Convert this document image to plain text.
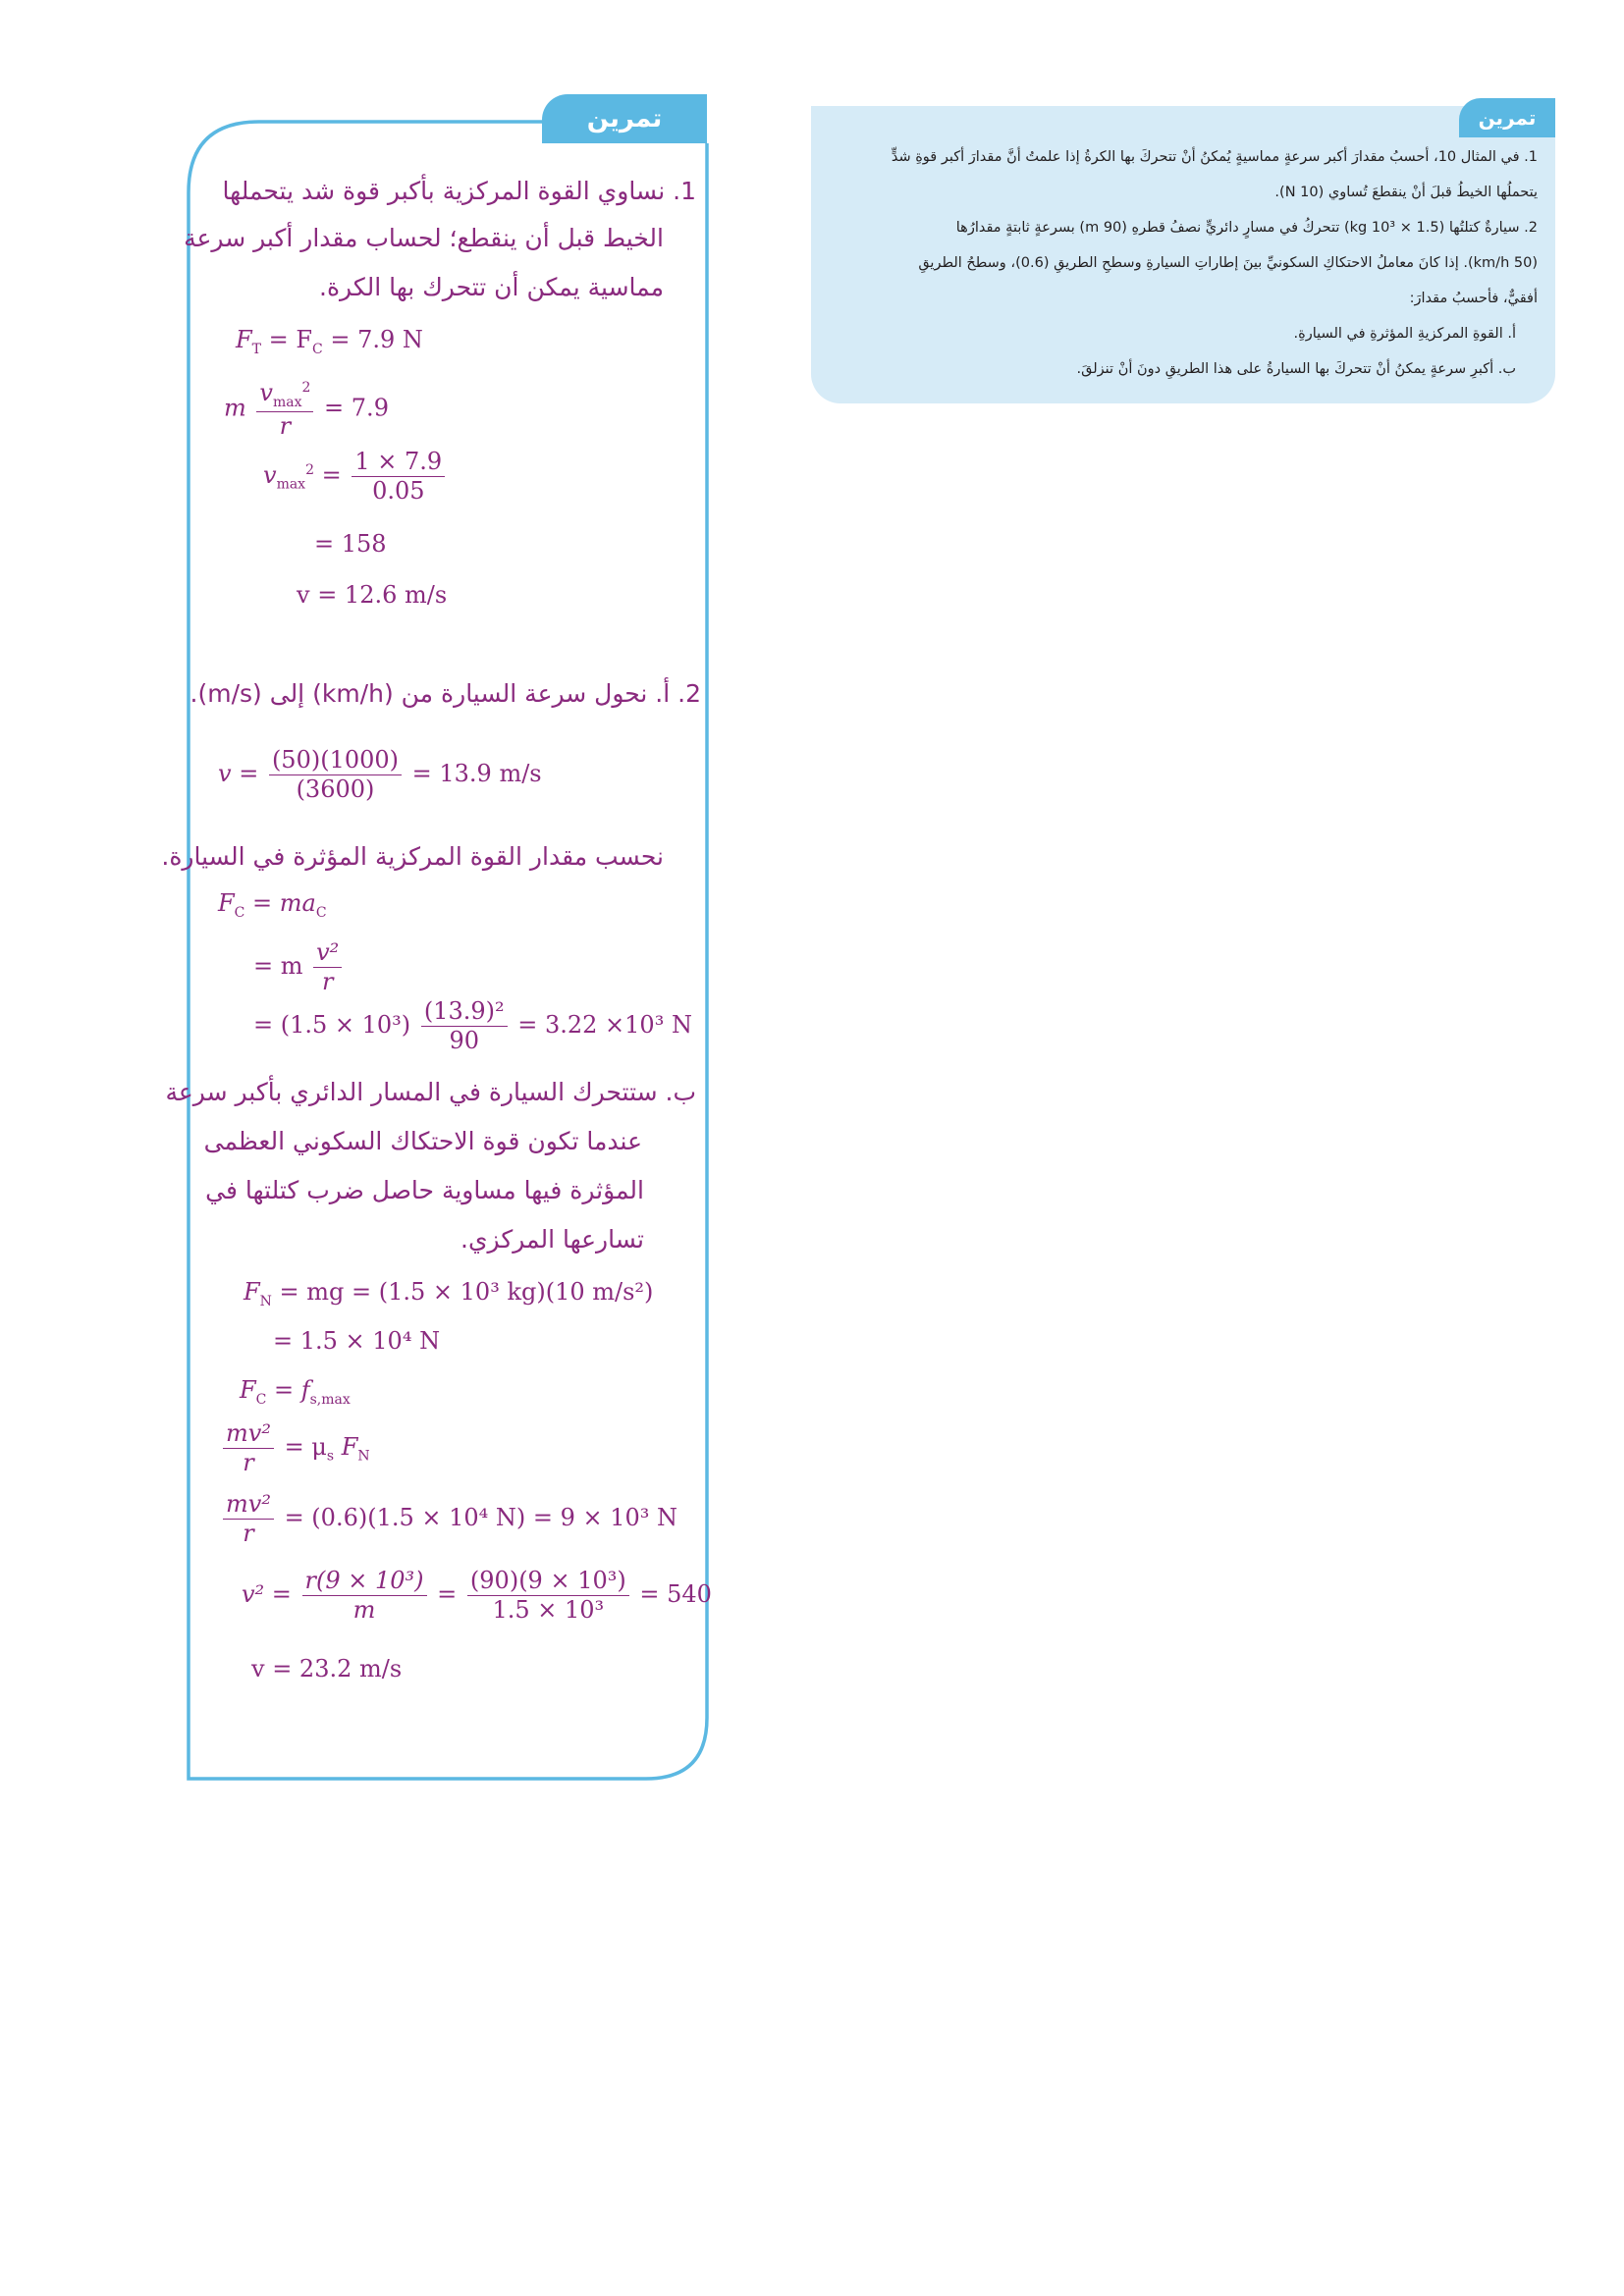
1. في المثال 10، أحسبُ مقدارَ أكبر سرعةٍ مماسيةٍ يُمكنُ أنْ تتحركَ بها الكرةُ إذا علمتُ أنَّ مقدارَ أكبر قوةِ شدٍّ
يتحملُها الخيطُ قبلَ أنْ ينقطعَ تُساوي (10 N).
2. سيارةٌ كتلتُها (1.5 × 10³ kg) تتحركُ في مسارٍ دائريٍّ نصفُ قطرهِ (90 m) بسرعةٍ ثابتةٍ مقدارُها
(50 km/h). إذا كانَ معاملُ الاحتكاكِ السكونيِّ بينَ إطاراتِ السيارةِ وسطحِ الطريقِ (0.6)، وسطحُ الطريقِ
أفقيٌّ، فأحسبُ مقدارَ:
أ. القوةِ المركزيةِ المؤثرةِ في السيارةِ.
ب. أكبرِ سرعةٍ يمكنُ أنْ تتحركَ بها السيارةُ على هذا الطريقِ دونَ أنْ تنزلقَ.
تمرين
تمرين
1. نساوي القوة المركزية بأكبر قوة شد يتحملها
الخيط قبل أن ينقطع؛ لحساب مقدار أكبر سرعة
مماسية يمكن أن تتحرك بها الكرة.
$F_T = F_C = 7.9$ N
m $\frac{v_{max}^2}{r} = 7.9$
$v_{max}^2 = \frac{1 \times 7.9}{0.05}$
= 158
v = 12.6 m/s
2. أ. نحول سرعة السيارة من (km/h) إلى (m/s).
$v = \frac{(50)(1000)}{(3600)} = 13.9$ m/s
نحسب مقدار القوة المركزية المؤثرة في السيارة.
$F_C = ma_C$
= m $\frac{\text{v²}}{r}$
= $(1.5 \times 10^3) \frac{\text{(13.9)²}}{90} = 3.22 \times 10^3$ N
ب. ستتحرك السيارة في المسار الدائري بأكبر سرعة
عندما تكون قوة الاحتكاك السكوني العظمى
المؤثرة فيها مساوية حاصل ضرب كتلتها في
تسارعها المركزي.
$F_N$ = mg = (1.5 × 10³ kg)(10 m/s²)
= 1.5 × 10⁴ N
$F_C = f_{s,max}$
$\frac{\text{mv²}}{r} = \mu_s$ $F_N$
$\frac{\text{mv²}}{r} = (0.6)(1.5 \times 10^4$ N) = 9 × 10³ N
$v^2 = \frac{\text{r(9 × 10³)}}{m} = \frac{\text{(90)(9 × 10³)}}{\text{1.5 × 10³}} = 540$
v = 23.2 m/s
